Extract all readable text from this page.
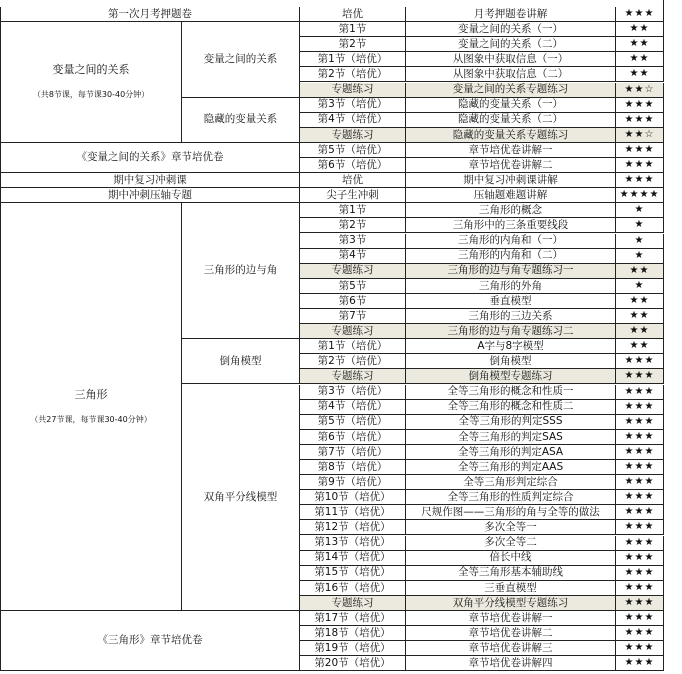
第一次月考押题卷	培优	月考押题卷讲解	★★★
变量之间的关系
（共8节课，每节课30-40分钟）
变量之间的关系
第1节	变量之间的关系（一）	★★
第2节	变量之间的关系（二）	★★
第1节（培优）	从图象中获取信息（一）	★★
第2节（培优）	从图象中获取信息（二）	★★
专题练习	变量之间的关系专题练习	★★☆
隐藏的变量关系
第3节（培优）	隐藏的变量关系（一）	★★★
第4节（培优）	隐藏的变量关系（二）	★★★
专题练习	隐藏的变量关系专题练习	★★☆
《变量之间的关系》章节培优卷
第5节（培优）	章节培优卷讲解一	★★★
第6节（培优）	章节培优卷讲解二	★★★
期中复习冲刺课	培优	期中复习冲刺课讲解	★★★
期中冲刺压轴专题	尖子生冲刺	压轴题难题讲解	★★★★
三角形
（共27节课，每节课30-40分钟）
三角形的边与角
第1节	三角形的概念	★
第2节	三角形中的三条重要线段	★
第3节	三角形的内角和（一）	★
第4节	三角形的内角和（二）	★
专题练习	三角形的边与角专题练习一	★★
第5节	三角形的外角	★
第6节	垂直模型	★★
第7节	三角形的三边关系	★★
专题练习	三角形的边与角专题练习二	★★
倒角模型
第1节（培优）	A字与8字模型	★★
第2节（培优）	倒角模型	★★★
专题练习	倒角模型专题练习	★★★
双角平分线模型
第3节（培优）	全等三角形的概念和性质一	★★★
第4节（培优）	全等三角形的概念和性质二	★★★
第5节（培优）	全等三角形的判定SSS	★★★
第6节（培优）	全等三角形的判定SAS	★★★
第7节（培优）	全等三角形的判定ASA	★★★
第8节（培优）	全等三角形的判定AAS	★★★
第9节（培优）	全等三角形判定综合	★★★
第10节（培优）	全等三角形的性质判定综合	★★★
第11节（培优）	尺规作图——三角形的角与全等的做法	★★★
第12节（培优）	多次全等一	★★★
第13节（培优）	多次全等二	★★★
第14节（培优）	倍长中线	★★★
第15节（培优）	全等三角形基本辅助线	★★★
第16节（培优）	三垂直模型	★★★
专题练习	双角平分线模型专题练习	★★★
《三角形》章节培优卷
第17节（培优）	章节培优卷讲解一	★★★
第18节（培优）	章节培优卷讲解二	★★★
第19节（培优）	章节培优卷讲解三	★★★
第20节（培优）	章节培优卷讲解四	★★★
